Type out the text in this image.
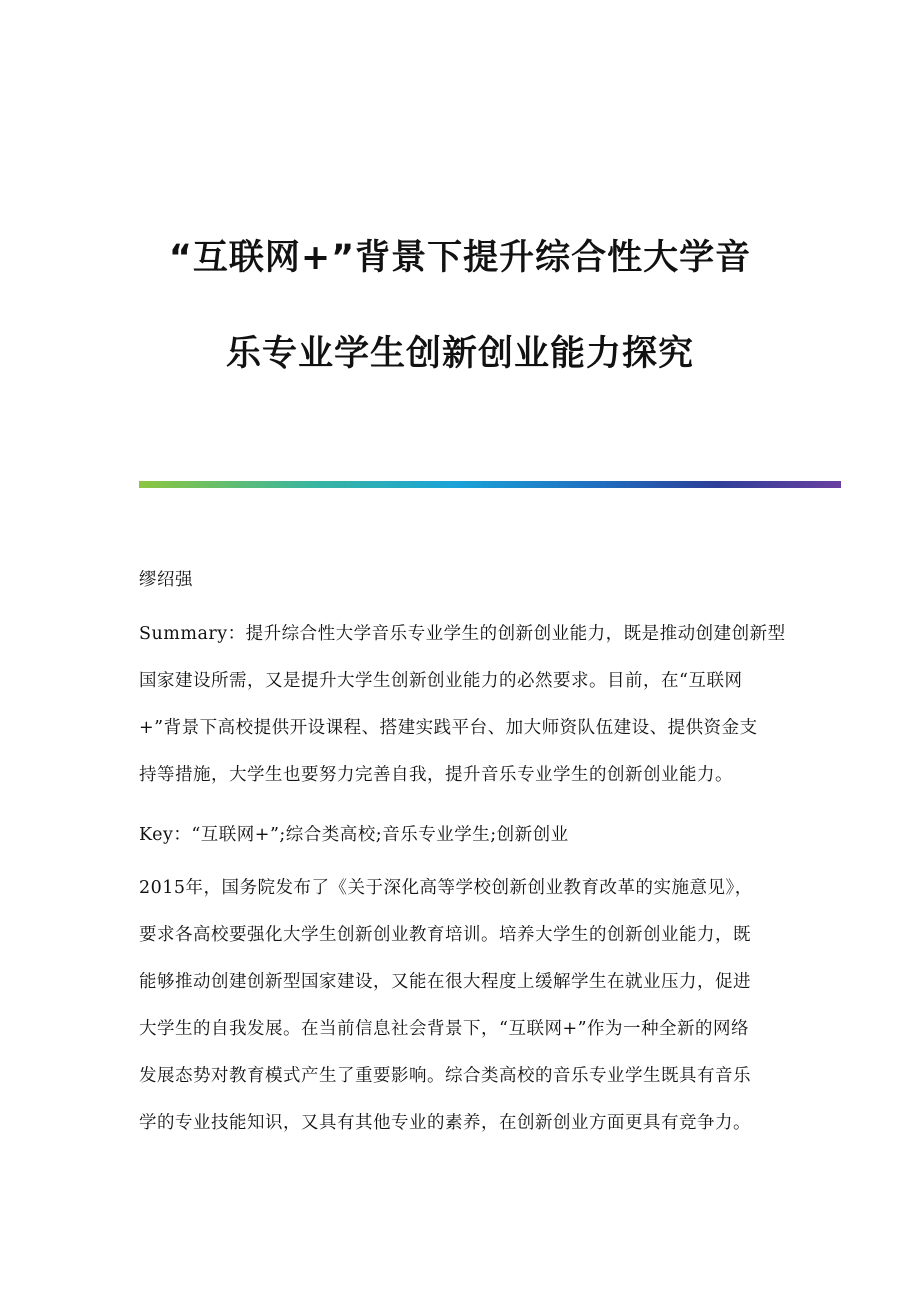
“互联网+”背景下提升综合性大学音
乐专业学生创新创业能力探究
缪绍强
Summary：提升综合性大学音乐专业学生的创新创业能力，既是推动创建创新型
国家建设所需，又是提升大学生创新创业能力的必然要求。目前，在“互联网
+”背景下高校提供开设课程、搭建实践平台、加大师资队伍建设、提供资金支
持等措施，大学生也要努力完善自我，提升音乐专业学生的创新创业能力。
Key：“互联网+”;综合类高校;音乐专业学生;创新创业
2015年，国务院发布了《关于深化高等学校创新创业教育改革的实施意见》，
要求各高校要强化大学生创新创业教育培训。培养大学生的创新创业能力，既
能够推动创建创新型国家建设，又能在很大程度上缓解学生在就业压力，促进
大学生的自我发展。在当前信息社会背景下，“互联网+”作为一种全新的网络
发展态势对教育模式产生了重要影响。综合类高校的音乐专业学生既具有音乐
学的专业技能知识，又具有其他专业的素养，在创新创业方面更具有竞争力。
